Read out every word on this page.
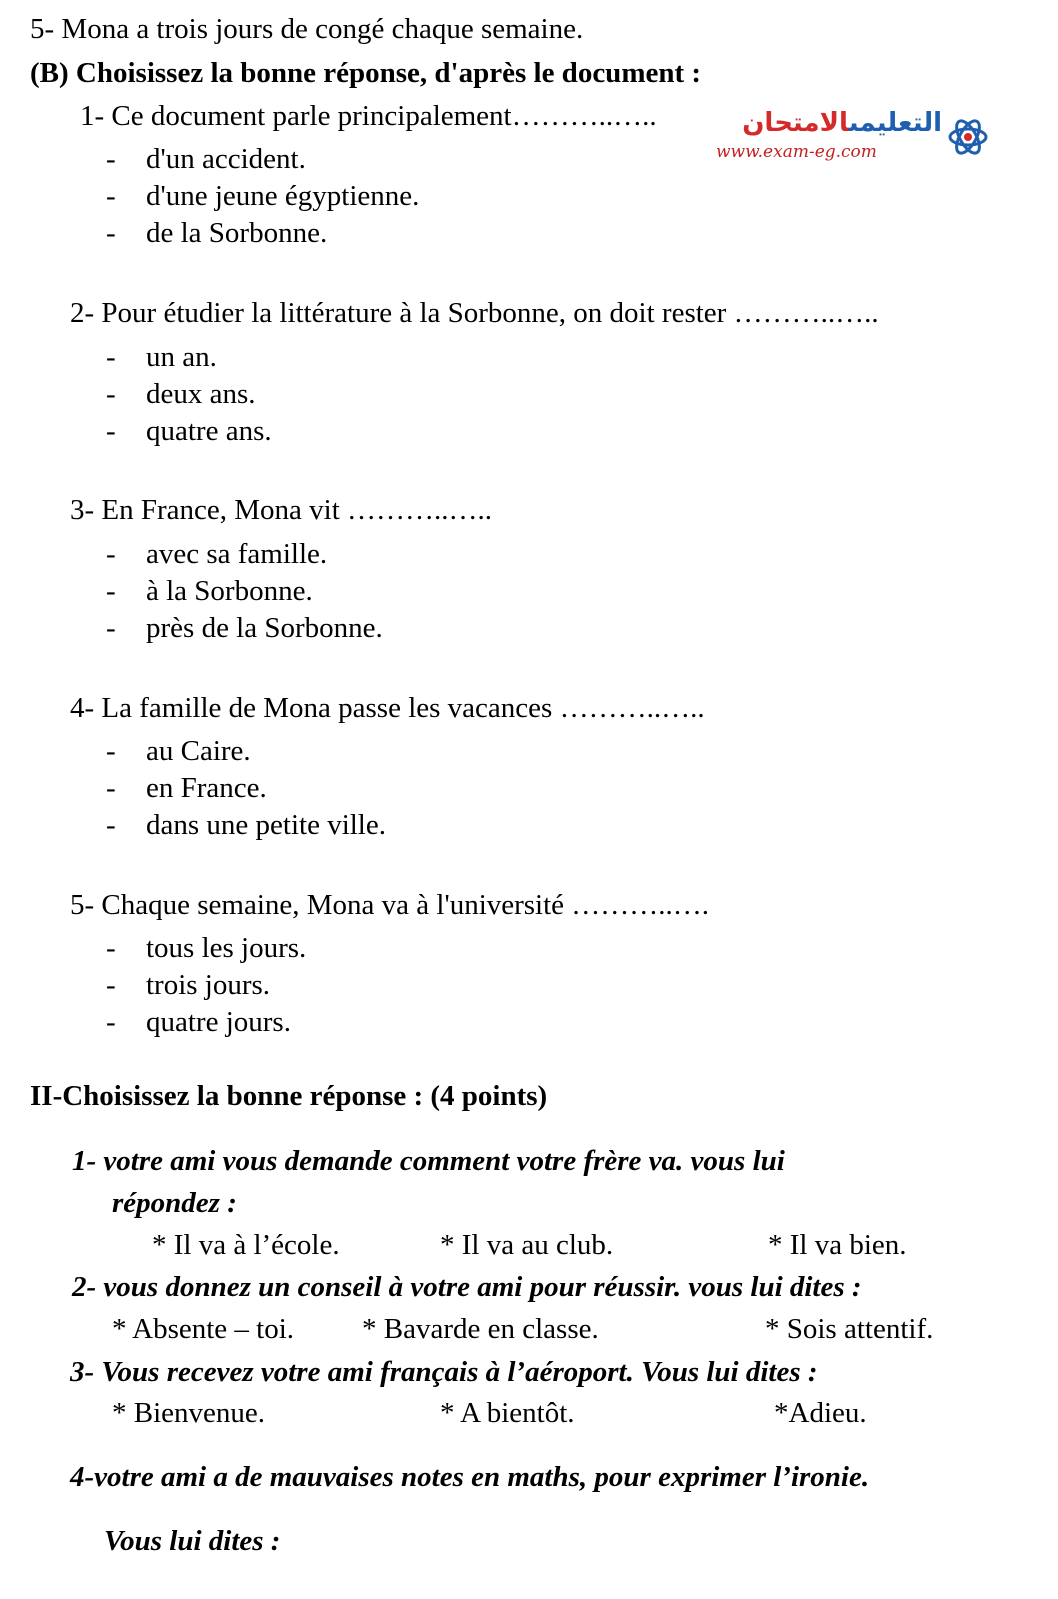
5- Mona a trois jours de congé chaque semaine.
(B) Choisissez la bonne réponse, d'après le document :
التعليمىالامتحان
www.exam-eg.com
1- Ce document parle principalement………..…..
- d'un accident.
- d'une jeune égyptienne.
- de la Sorbonne.
2- Pour étudier la littérature à la Sorbonne, on doit rester ………..…..
- un an.
- deux ans.
- quatre ans.
3- En France, Mona vit ………..…..
- avec sa famille.
- à la Sorbonne.
- près de la Sorbonne.
4- La famille de Mona passe les vacances ………..…..
- au Caire.
- en France.
- dans une petite ville.
5- Chaque semaine, Mona va à l'université ………..….
- tous les jours.
- trois jours.
- quatre jours.
II-Choisissez la bonne réponse : (4 points)
1- votre ami vous demande comment votre frère va. vous lui
répondez :
* Il va à l’école.	* Il va au club.	* Il va bien.
2- vous donnez un conseil à votre ami pour réussir. vous lui dites :
* Absente – toi. * Bavarde en classe.	* Sois attentif.
3- Vous recevez votre ami français à l’aéroport. Vous lui dites :
* Bienvenue.	* A bientôt.	*Adieu.
4-votre ami a de mauvaises notes en maths, pour exprimer l’ironie.
Vous lui dites :
